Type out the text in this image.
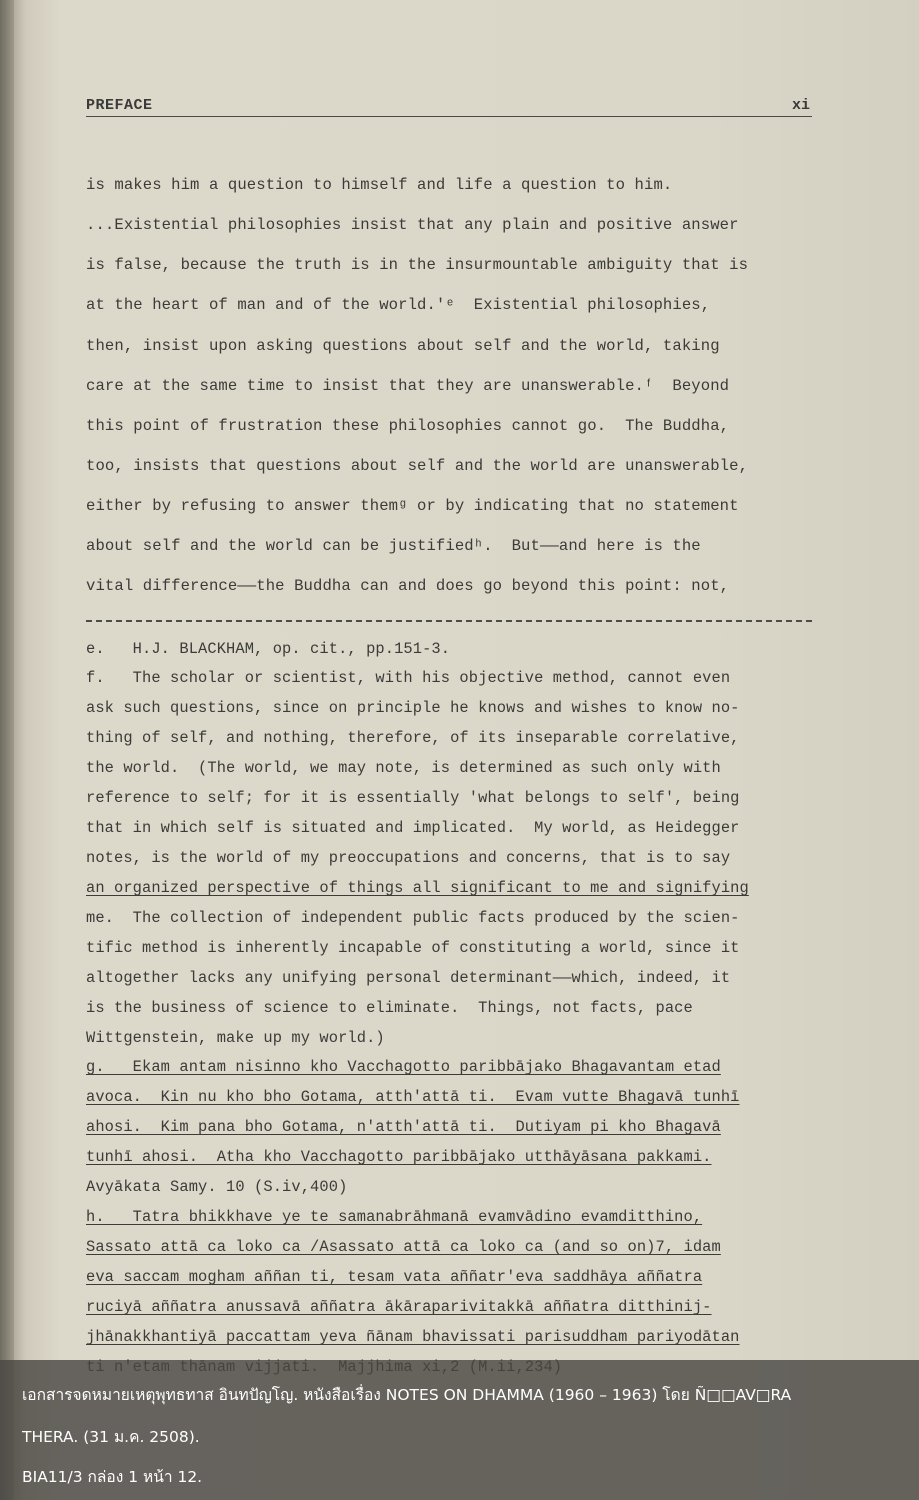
PREFACE	xi
is makes him a question to himself and life a question to him.
...Existential philosophies insist that any plain and positive answer
is false, because the truth is in the insurmountable ambiguity that is
at the heart of man and of the world.'ᵉ  Existential philosophies,
then, insist upon asking questions about self and the world, taking
care at the same time to insist that they are unanswerable.ᶠ  Beyond
this point of frustration these philosophies cannot go.  The Buddha,
too, insists that questions about self and the world are unanswerable,
either by refusing to answer themᵍ or by indicating that no statement
about self and the world can be justifiedʰ.  But——and here is the
vital difference——the Buddha can and does go beyond this point: not,
e.   H.J. BLACKHAM, op. cit., pp.151-3.
f.   The scholar or scientist, with his objective method, cannot even
ask such questions, since on principle he knows and wishes to know no-
thing of self, and nothing, therefore, of its inseparable correlative,
the world.  (The world, we may note, is determined as such only with
reference to self; for it is essentially 'what belongs to self', being
that in which self is situated and implicated.  My world, as Heidegger
notes, is the world of my preoccupations and concerns, that is to say
an organized perspective of things all significant to me and signifying
me.  The collection of independent public facts produced by the scien-
tific method is inherently incapable of constituting a world, since it
altogether lacks any unifying personal determinant——which, indeed, it
is the business of science to eliminate.  Things, not facts, pace
Wittgenstein, make up my world.)
g.   Ekam antam nisinno kho Vacchagotto paribbājako Bhagavantam etad
avoca.  Kin nu kho bho Gotama, atth'attā ti.  Evam vutte Bhagavā tunhī
ahosi.  Kim pana bho Gotama, n'atth'attā ti.  Dutiyam pi kho Bhagavā
tunhī ahosi.  Atha kho Vacchagotto paribbājako utthāyāsana pakkami.
Avyākata Samy. 10 (S.iv,400)
h.   Tatra bhikkhave ye te samanabrāhmanā evamvādino evamditthino,
Sassato attā ca loko ca /Asassato attā ca loko ca (and so on)7, idam
eva saccam mogham aññan ti, tesam vata aññatr'eva saddhāya aññatra
ruciyā aññatra anussavā aññatra ākāraparivitakkā aññatra ditthinij-
jhānakkhantiyā paccattam yeva ñānam bhavissati parisuddham pariyodātan
เอกสารจดหมายเหตุพุทธทาส อินทปัญโญ. หนังสือเรื่อง NOTES ON DHAMMA (1960 – 1963) โดย Ñ□□AV□RA
THERA. (31 ม.ค. 2508).
BIA11/3 กล่อง 1 หน้า 12.
